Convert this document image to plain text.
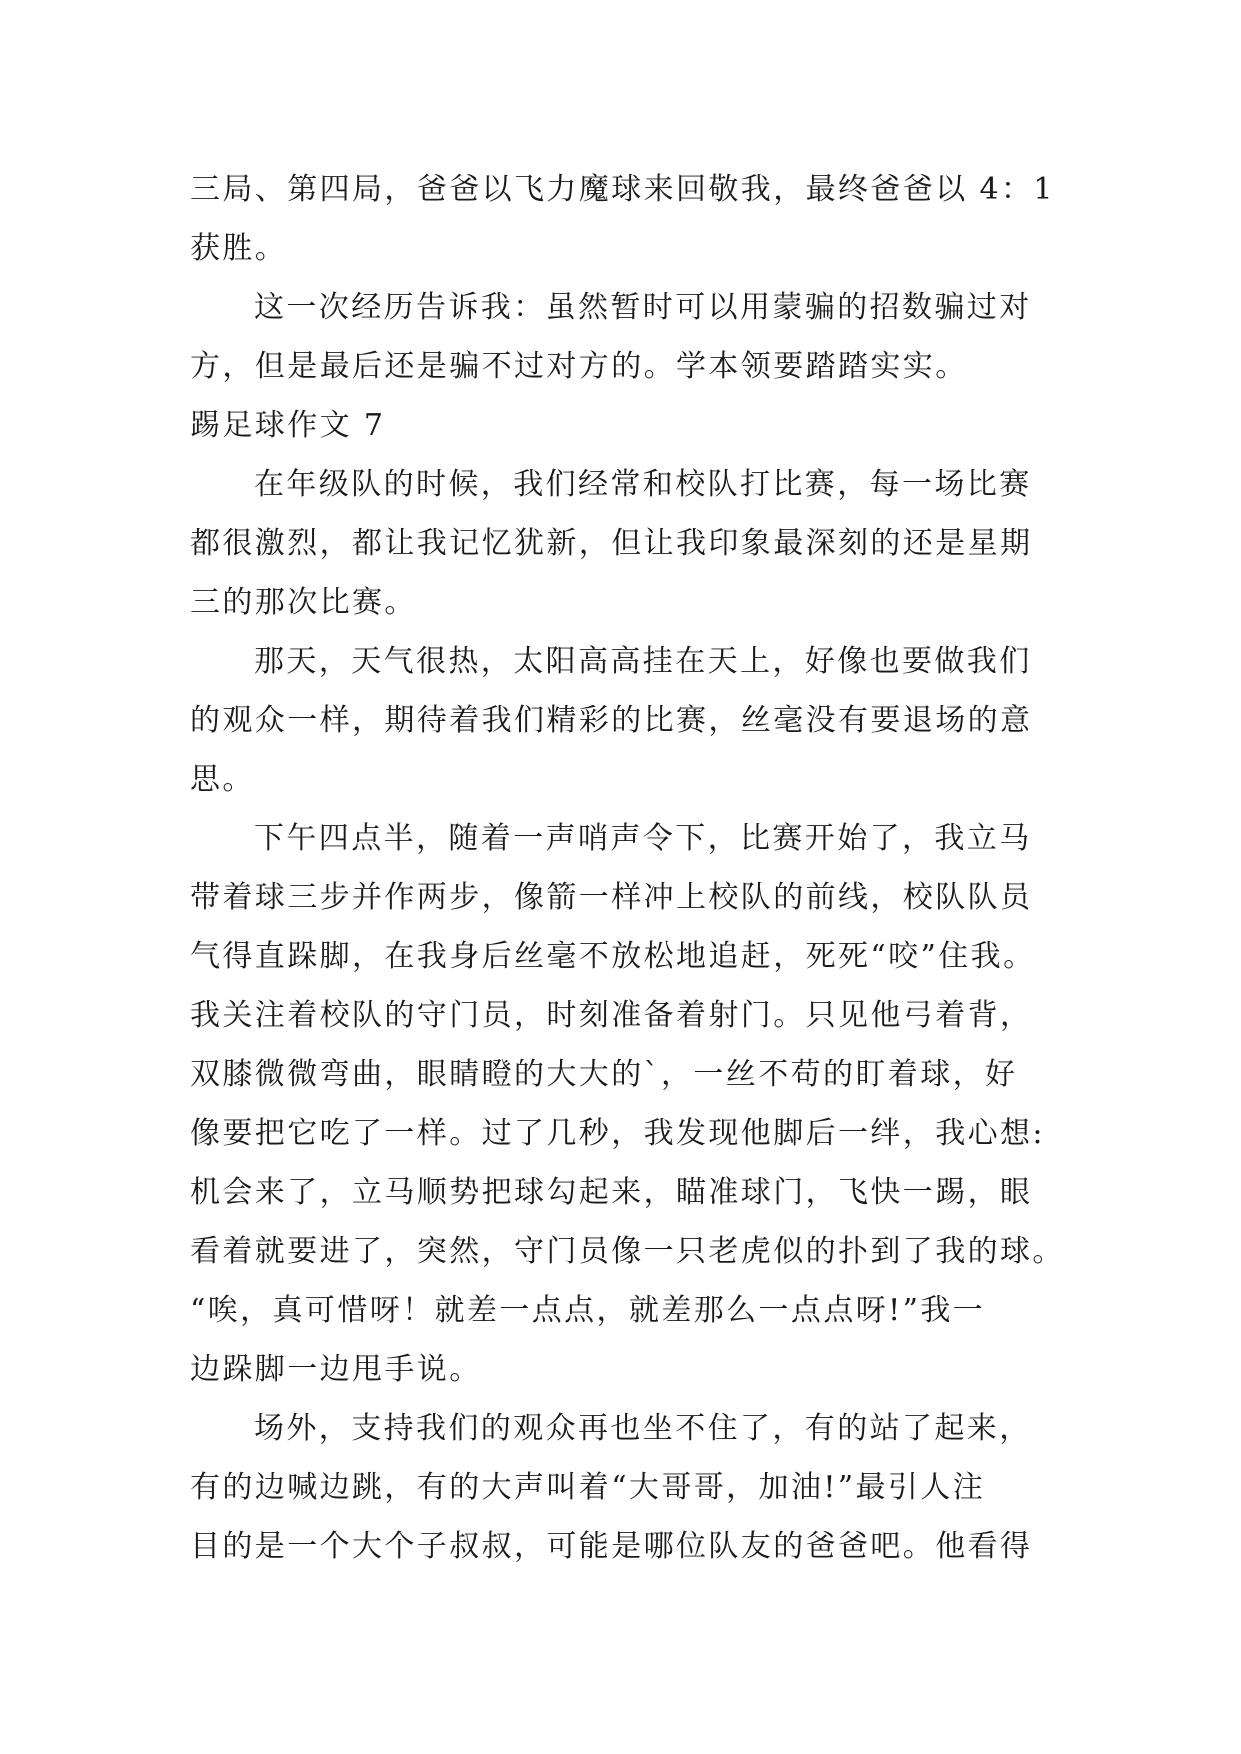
三局、第四局，爸爸以飞力魔球来回敬我，最终爸爸以 4：1
获胜。
这一次经历告诉我：虽然暂时可以用蒙骗的招数骗过对
方，但是最后还是骗不过对方的。学本领要踏踏实实。
踢足球作文 7
在年级队的时候，我们经常和校队打比赛，每一场比赛
都很激烈，都让我记忆犹新，但让我印象最深刻的还是星期
三的那次比赛。
那天，天气很热，太阳高高挂在天上，好像也要做我们
的观众一样，期待着我们精彩的比赛，丝毫没有要退场的意
思。
下午四点半，随着一声哨声令下，比赛开始了，我立马
带着球三步并作两步，像箭一样冲上校队的前线，校队队员
气得直跺脚，在我身后丝毫不放松地追赶，死死“咬”住我。
我关注着校队的守门员，时刻准备着射门。只见他弓着背，
双膝微微弯曲，眼睛瞪的大大的`，一丝不苟的盯着球，好
像要把它吃了一样。过了几秒，我发现他脚后一绊，我心想:
机会来了，立马顺势把球勾起来，瞄准球门，飞快一踢，眼
看着就要进了，突然，守门员像一只老虎似的扑到了我的球。
“唉，真可惜呀！就差一点点，就差那么一点点呀!”我一
边跺脚一边甩手说。
场外，支持我们的观众再也坐不住了，有的站了起来，
有的边喊边跳，有的大声叫着“大哥哥，加油!”最引人注
目的是一个大个子叔叔，可能是哪位队友的爸爸吧。他看得
